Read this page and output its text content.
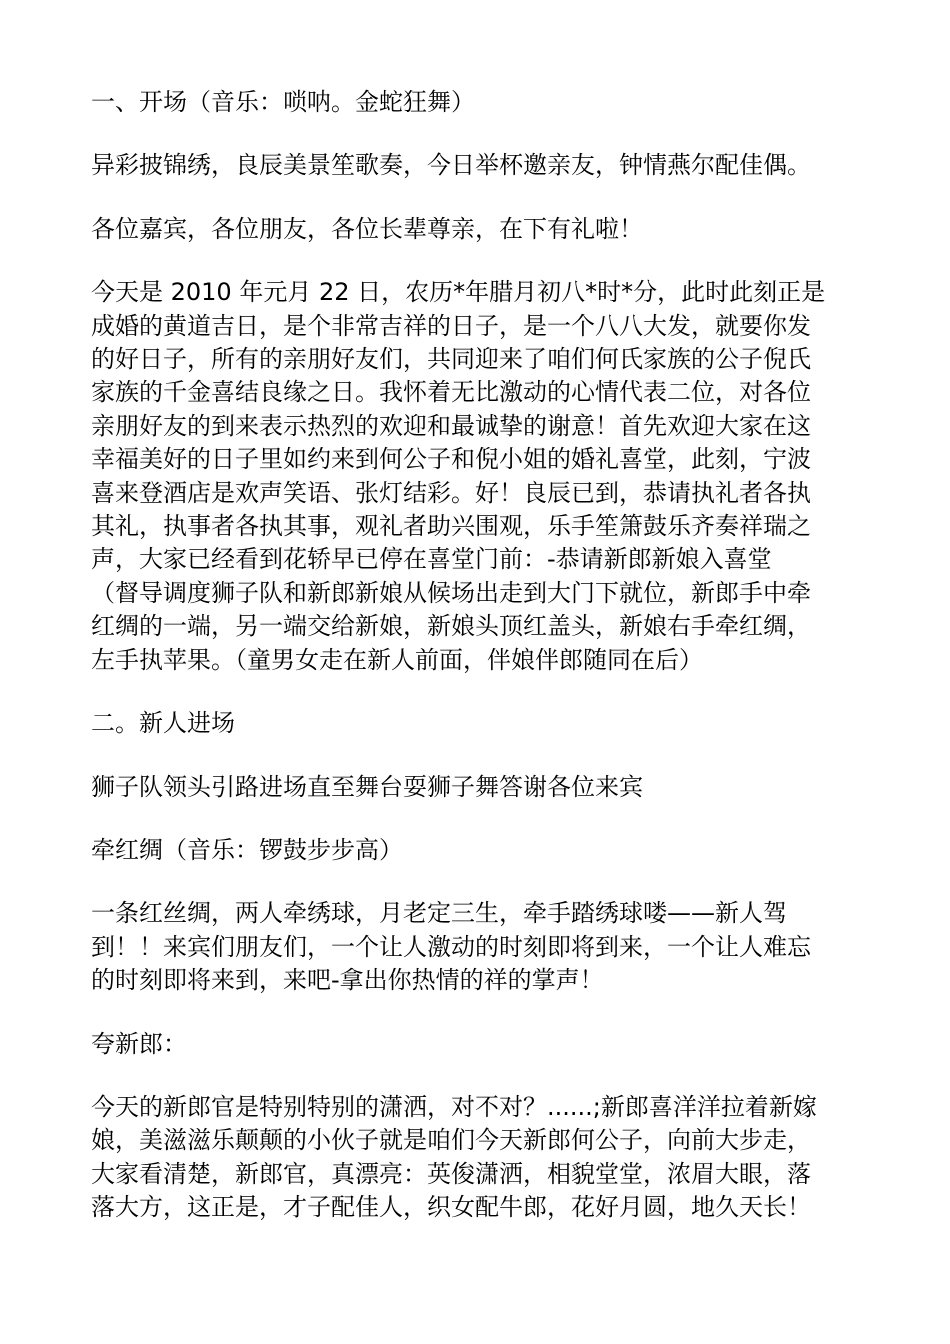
一、开场（音乐：唢呐。金蛇狂舞）

异彩披锦绣，良辰美景笙歌奏，今日举杯邀亲友，钟情燕尔配佳偶。

各位嘉宾，各位朋友，各位长辈尊亲，在下有礼啦！

今天是 2010 年元月 22 日，农历*年腊月初八*时*分，此时此刻正是
成婚的黄道吉日，是个非常吉祥的日子，是一个八八大发，就要你发
的好日子，所有的亲朋好友们，共同迎来了咱们何氏家族的公子倪氏
家族的千金喜结良缘之日。我怀着无比激动的心情代表二位，对各位
亲朋好友的到来表示热烈的欢迎和最诚挚的谢意！首先欢迎大家在这
幸福美好的日子里如约来到何公子和倪小姐的婚礼喜堂，此刻，宁波
喜来登酒店是欢声笑语、张灯结彩。好！良辰已到，恭请执礼者各执
其礼，执事者各执其事，观礼者助兴围观，乐手笙箫鼓乐齐奏祥瑞之
声，大家已经看到花轿早已停在喜堂门前：-恭请新郎新娘入喜堂
（督导调度狮子队和新郎新娘从候场出走到大门下就位，新郎手中牵
红绸的一端，另一端交给新娘，新娘头顶红盖头，新娘右手牵红绸，
左手执苹果。（童男女走在新人前面，伴娘伴郎随同在后）

二。新人进场

狮子队领头引路进场直至舞台耍狮子舞答谢各位来宾

牵红绸（音乐：锣鼓步步高）

一条红丝绸，两人牵绣球，月老定三生，牵手踏绣球喽——新人驾
到！！来宾们朋友们，一个让人激动的时刻即将到来，一个让人难忘
的时刻即将来到，来吧-拿出你热情的祥的掌声！

夸新郎：

今天的新郎官是特别特别的潇洒，对不对？......;新郎喜洋洋拉着新嫁
娘，美滋滋乐颠颠的小伙子就是咱们今天新郎何公子，向前大步走，
大家看清楚，新郎官，真漂亮：英俊潇洒，相貌堂堂，浓眉大眼，落
落大方，这正是，才子配佳人，织女配牛郎，花好月圆，地久天长！
